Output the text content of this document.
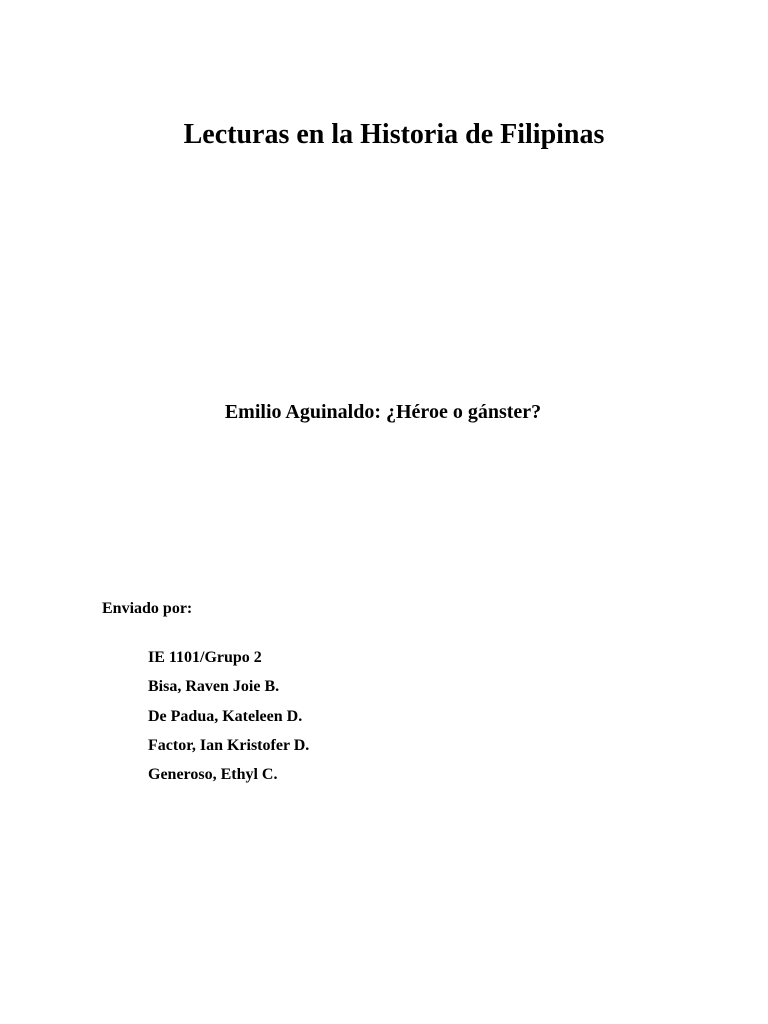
Lecturas en la Historia de Filipinas
Emilio Aguinaldo: ¿Héroe o gánster?
Enviado por:
IE 1101/Grupo 2
Bisa, Raven Joie B.
De Padua, Kateleen D.
Factor, Ian Kristofer D.
Generoso, Ethyl C.
